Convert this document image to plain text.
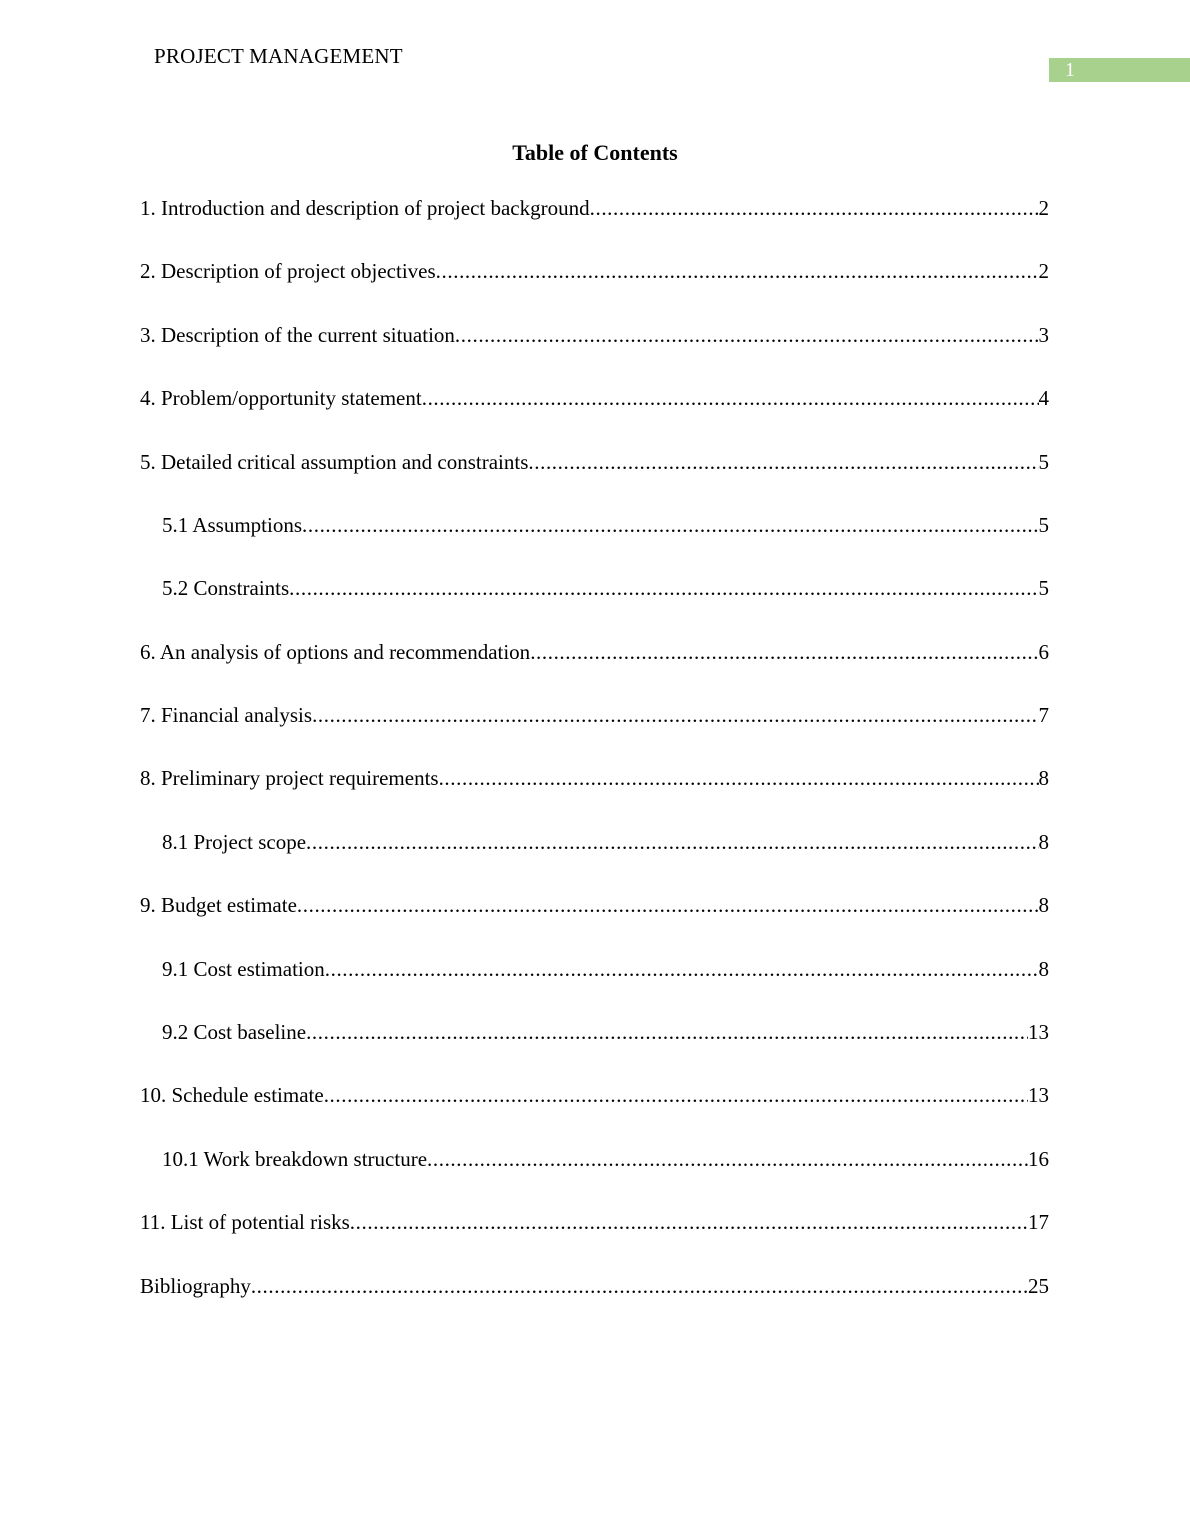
PROJECT MANAGEMENT
1
Table of Contents
1. Introduction and description of project background .....	2
2. Description of project objectives .....	2
3. Description of the current situation .....	3
4. Problem/opportunity statement .....	4
5. Detailed critical assumption and constraints .....	5
5.1 Assumptions .....	5
5.2 Constraints .....	5
6. An analysis of options and recommendation .....	6
7. Financial analysis .....	7
8. Preliminary project requirements .....	8
8.1 Project scope .....	8
9. Budget estimate .....	8
9.1 Cost estimation .....	8
9.2 Cost baseline .....	13
10. Schedule estimate .....	13
10.1 Work breakdown structure .....	16
11. List of potential risks .....	17
Bibliography .....	25
